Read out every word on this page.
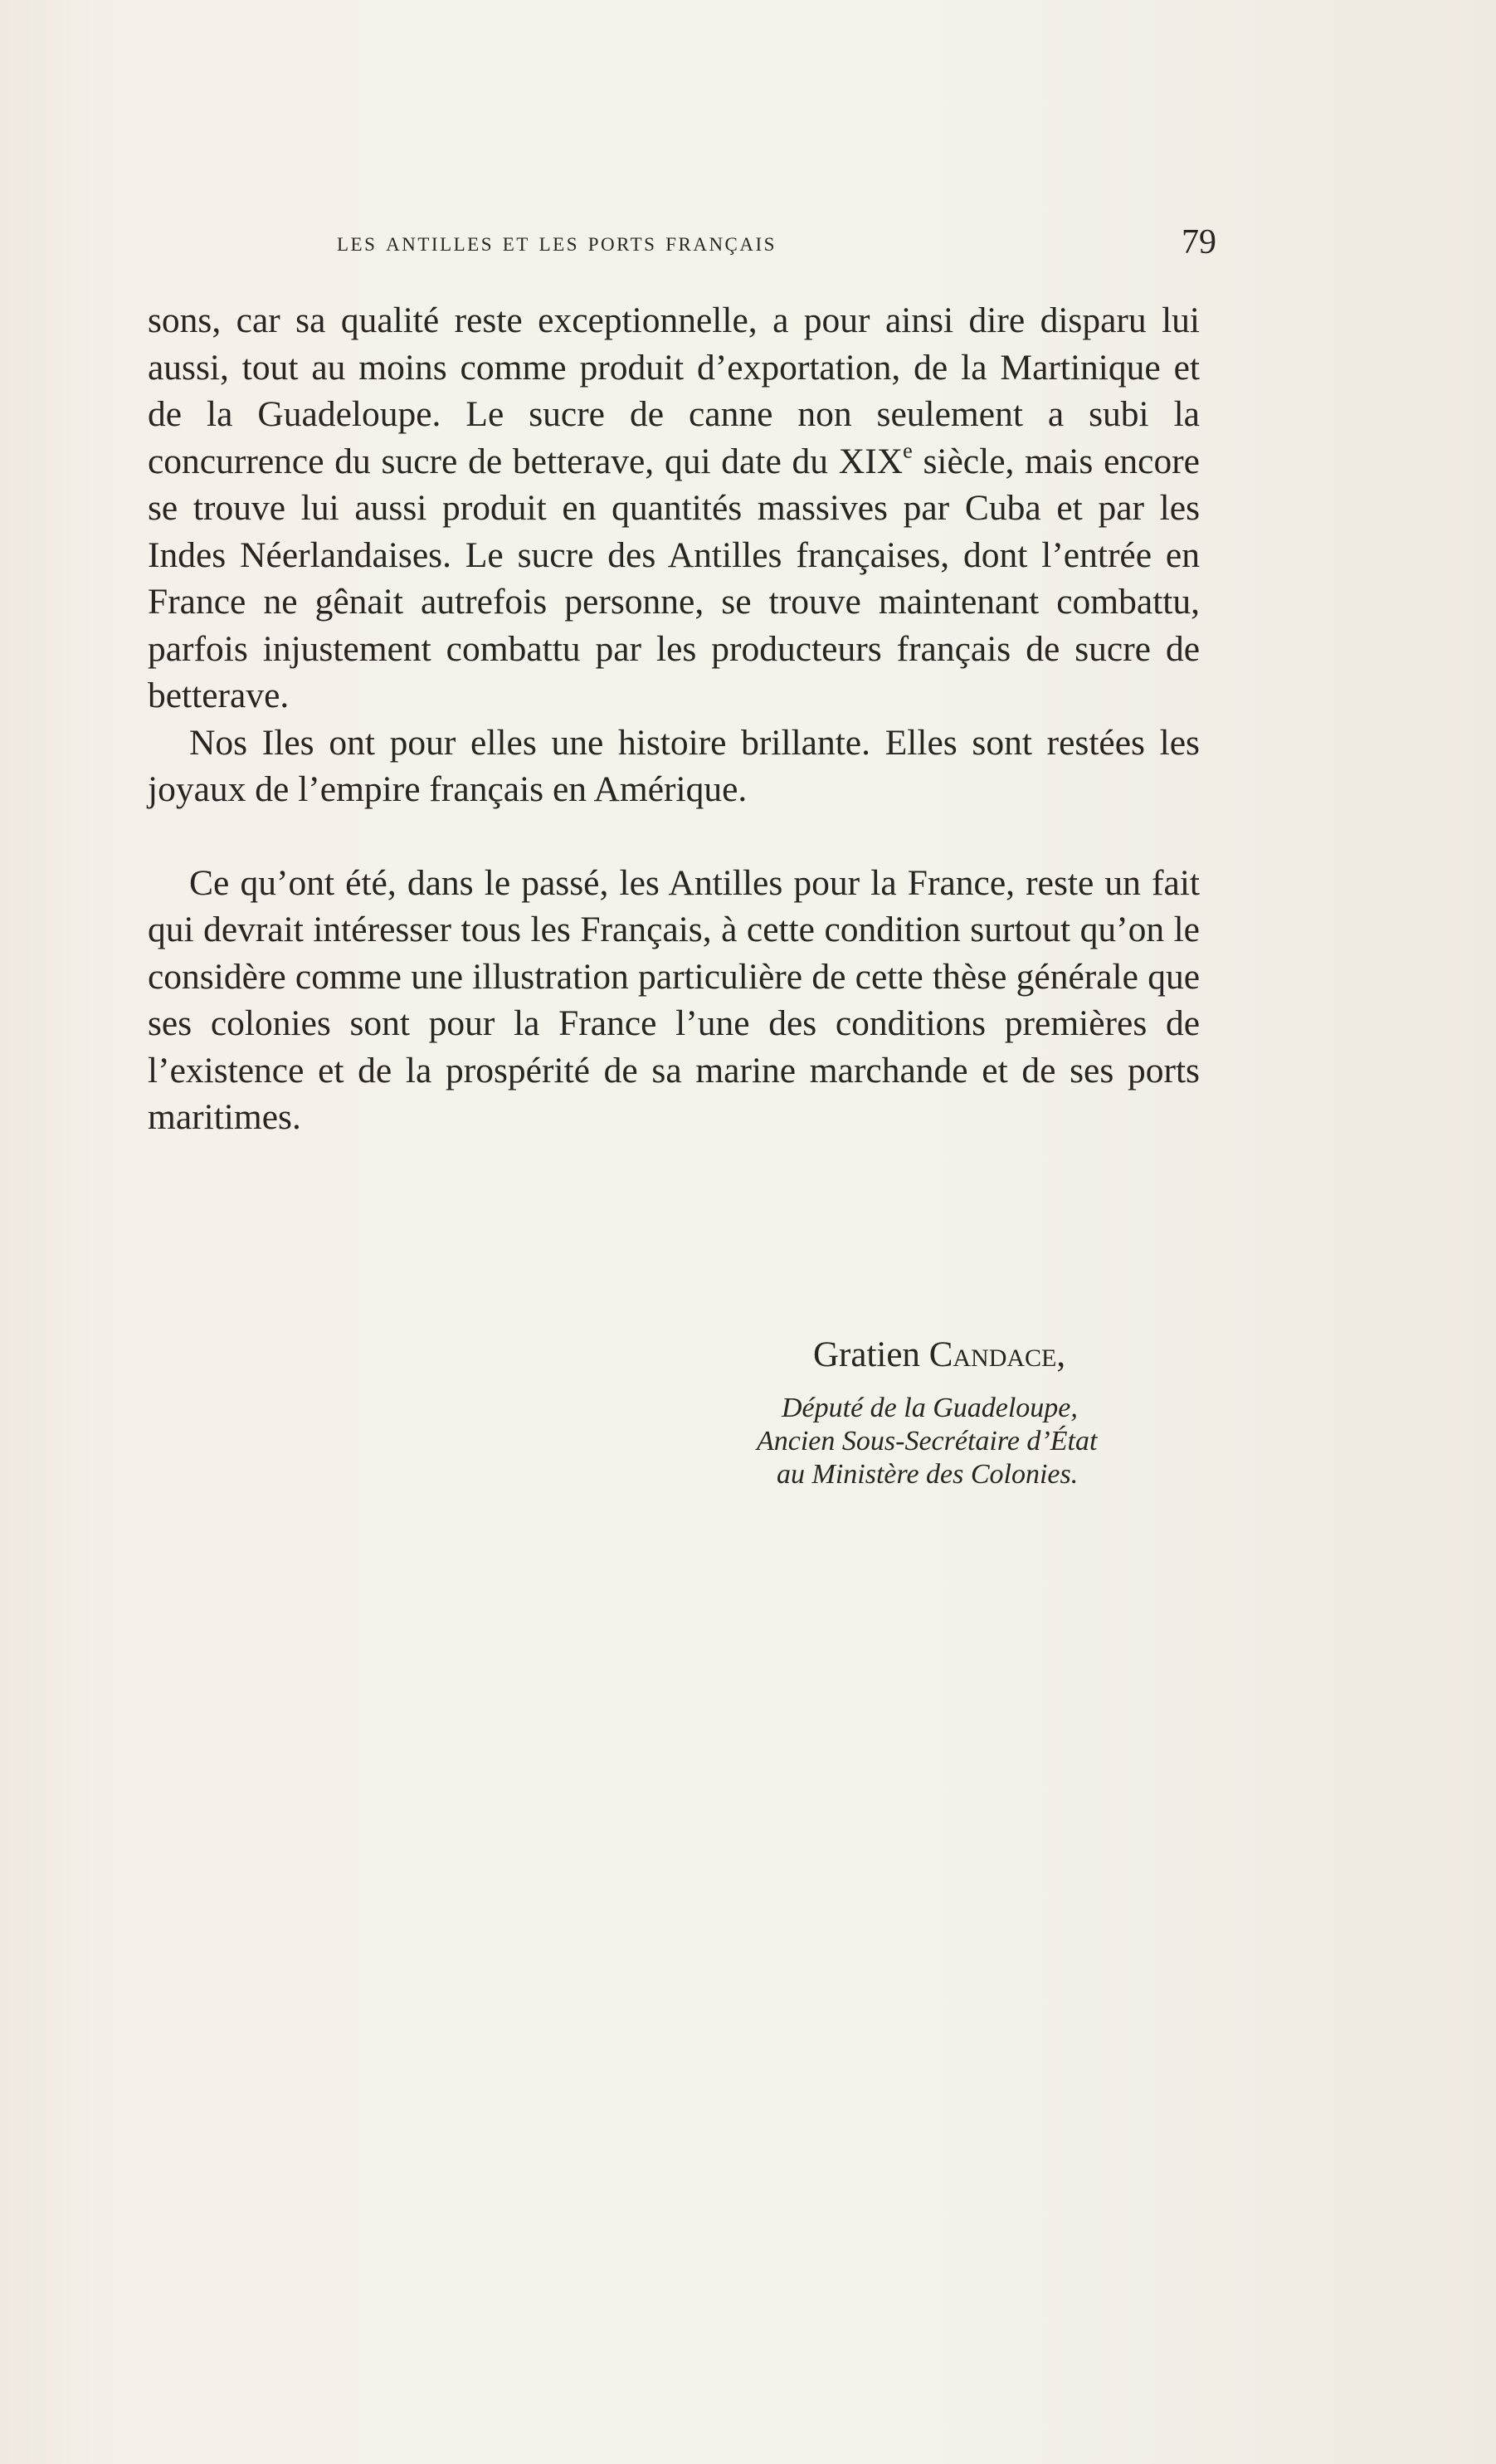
les antilles et les ports français	79

sons, car sa qualité reste exceptionnelle, a pour ainsi dire disparu lui aussi, tout au moins comme produit d’exportation, de la Martinique et de la Guadeloupe. Le sucre de canne non seulement a subi la concurrence du sucre de betterave, qui date du XIXe siècle, mais encore se trouve lui aussi produit en quantités massives par Cuba et par les Indes Néerlandaises. Le sucre des Antilles françaises, dont l’entrée en France ne gênait autrefois personne, se trouve maintenant combattu, parfois injustement combattu par les producteurs français de sucre de betterave.

Nos Iles ont pour elles une histoire brillante. Elles sont restées les joyaux de l’empire français en Amérique.

Ce qu’ont été, dans le passé, les Antilles pour la France, reste un fait qui devrait intéresser tous les Français, à cette condition surtout qu’on le considère comme une illustration particulière de cette thèse générale que ses colonies sont pour la France l’une des conditions premières de l’existence et de la prospérité de sa marine marchande et de ses ports maritimes.

Gratien Candace,
Député de la Guadeloupe,
Ancien Sous-Secrétaire d’État
au Ministère des Colonies.
